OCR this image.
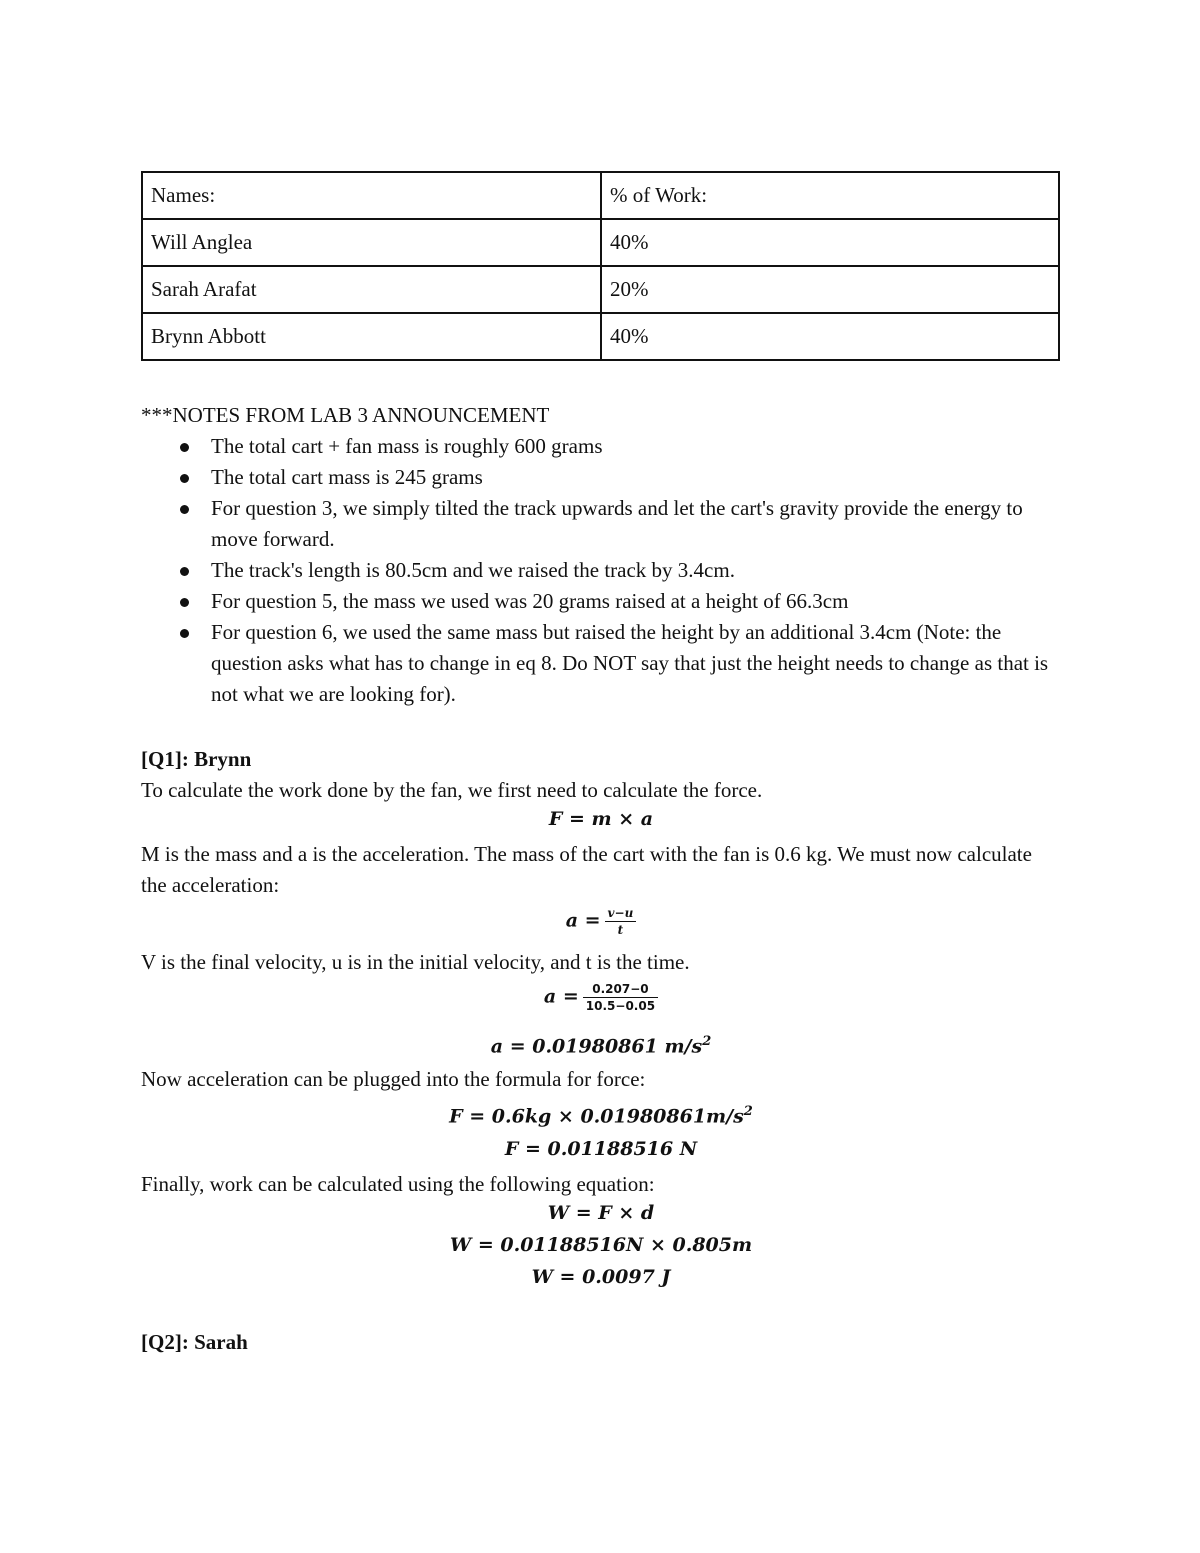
Names:	% of Work:
Will Anglea	40%
Sarah Arafat	20%
Brynn Abbott	40%
***NOTES FROM LAB 3 ANNOUNCEMENT
The total cart + fan mass is roughly 600 grams
The total cart mass is 245 grams
For question 3, we simply tilted the track upwards and let the cart's gravity provide the energy to move forward.
The track's length is 80.5cm and we raised the track by 3.4cm.
For question 5, the mass we used was 20 grams raised at a height of 66.3cm
For question 6, we used the same mass but raised the height by an additional 3.4cm (Note: the question asks what has to change in eq 8. Do NOT say that just the height needs to change as that is not what we are looking for).
[Q1]: Brynn
To calculate the work done by the fan, we first need to calculate the force.
F = m × a
M is the mass and a is the acceleration. The mass of the cart with the fan is 0.6 kg. We must now calculate the acceleration:
$a = \frac{v-u}{t}$
V is the final velocity, u is in the initial velocity, and t is the time.
$a = \frac{0.207-0}{10.5-0.05}$
a = 0.01980861 $m/s^2$
Now acceleration can be plugged into the formula for force:
$F = 0.6kg \times 0.01980861m/s^2$
F = 0.01188516 N
Finally, work can be calculated using the following equation:
W = F × d
W = 0.01188516N × 0.805m
W = 0.0097 J
[Q2]: Sarah
